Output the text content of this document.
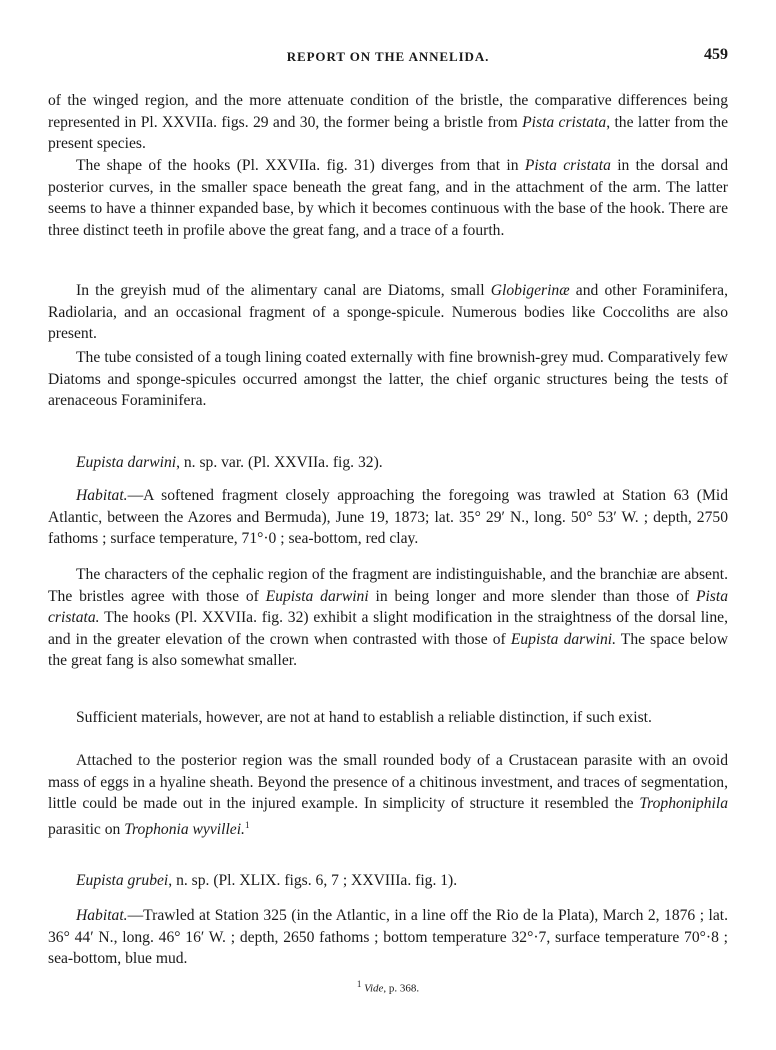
REPORT ON THE ANNELIDA.	459

of the winged region, and the more attenuate condition of the bristle, the comparative differences being represented in Pl. XXVIIa. figs. 29 and 30, the former being a bristle from Pista cristata, the latter from the present species.

The shape of the hooks (Pl. XXVIIa. fig. 31) diverges from that in Pista cristata in the dorsal and posterior curves, in the smaller space beneath the great fang, and in the attachment of the arm. The latter seems to have a thinner expanded base, by which it becomes continuous with the base of the hook. There are three distinct teeth in profile above the great fang, and a trace of a fourth.

In the greyish mud of the alimentary canal are Diatoms, small Globigerinæ and other Foraminifera, Radiolaria, and an occasional fragment of a sponge-spicule. Numerous bodies like Coccoliths are also present.

The tube consisted of a tough lining coated externally with fine brownish-grey mud. Comparatively few Diatoms and sponge-spicules occurred amongst the latter, the chief organic structures being the tests of arenaceous Foraminifera.

Eupista darwini, n. sp. var. (Pl. XXVIIa. fig. 32).

Habitat.—A softened fragment closely approaching the foregoing was trawled at Station 63 (Mid Atlantic, between the Azores and Bermuda), June 19, 1873; lat. 35° 29′ N., long. 50° 53′ W. ; depth, 2750 fathoms ; surface temperature, 71°·0 ; sea-bottom, red clay.

The characters of the cephalic region of the fragment are indistinguishable, and the branchiæ are absent. The bristles agree with those of Eupista darwini in being longer and more slender than those of Pista cristata. The hooks (Pl. XXVIIa. fig. 32) exhibit a slight modification in the straightness of the dorsal line, and in the greater elevation of the crown when contrasted with those of Eupista darwini. The space below the great fang is also somewhat smaller.

Sufficient materials, however, are not at hand to establish a reliable distinction, if such exist.

Attached to the posterior region was the small rounded body of a Crustacean parasite with an ovoid mass of eggs in a hyaline sheath. Beyond the presence of a chitinous investment, and traces of segmentation, little could be made out in the injured example. In simplicity of structure it resembled the Trophoniphila parasitic on Trophonia wyvillei.$^1$

Eupista grubei, n. sp. (Pl. XLIX. figs. 6, 7 ; XXVIIIa. fig. 1).

Habitat.—Trawled at Station 325 (in the Atlantic, in a line off the Rio de la Plata), March 2, 1876 ; lat. 36° 44′ N., long. 46° 16′ W. ; depth, 2650 fathoms ; bottom temperature 32°·7, surface temperature 70°·8 ; sea-bottom, blue mud.

$^1$ Vide, p. 368.
